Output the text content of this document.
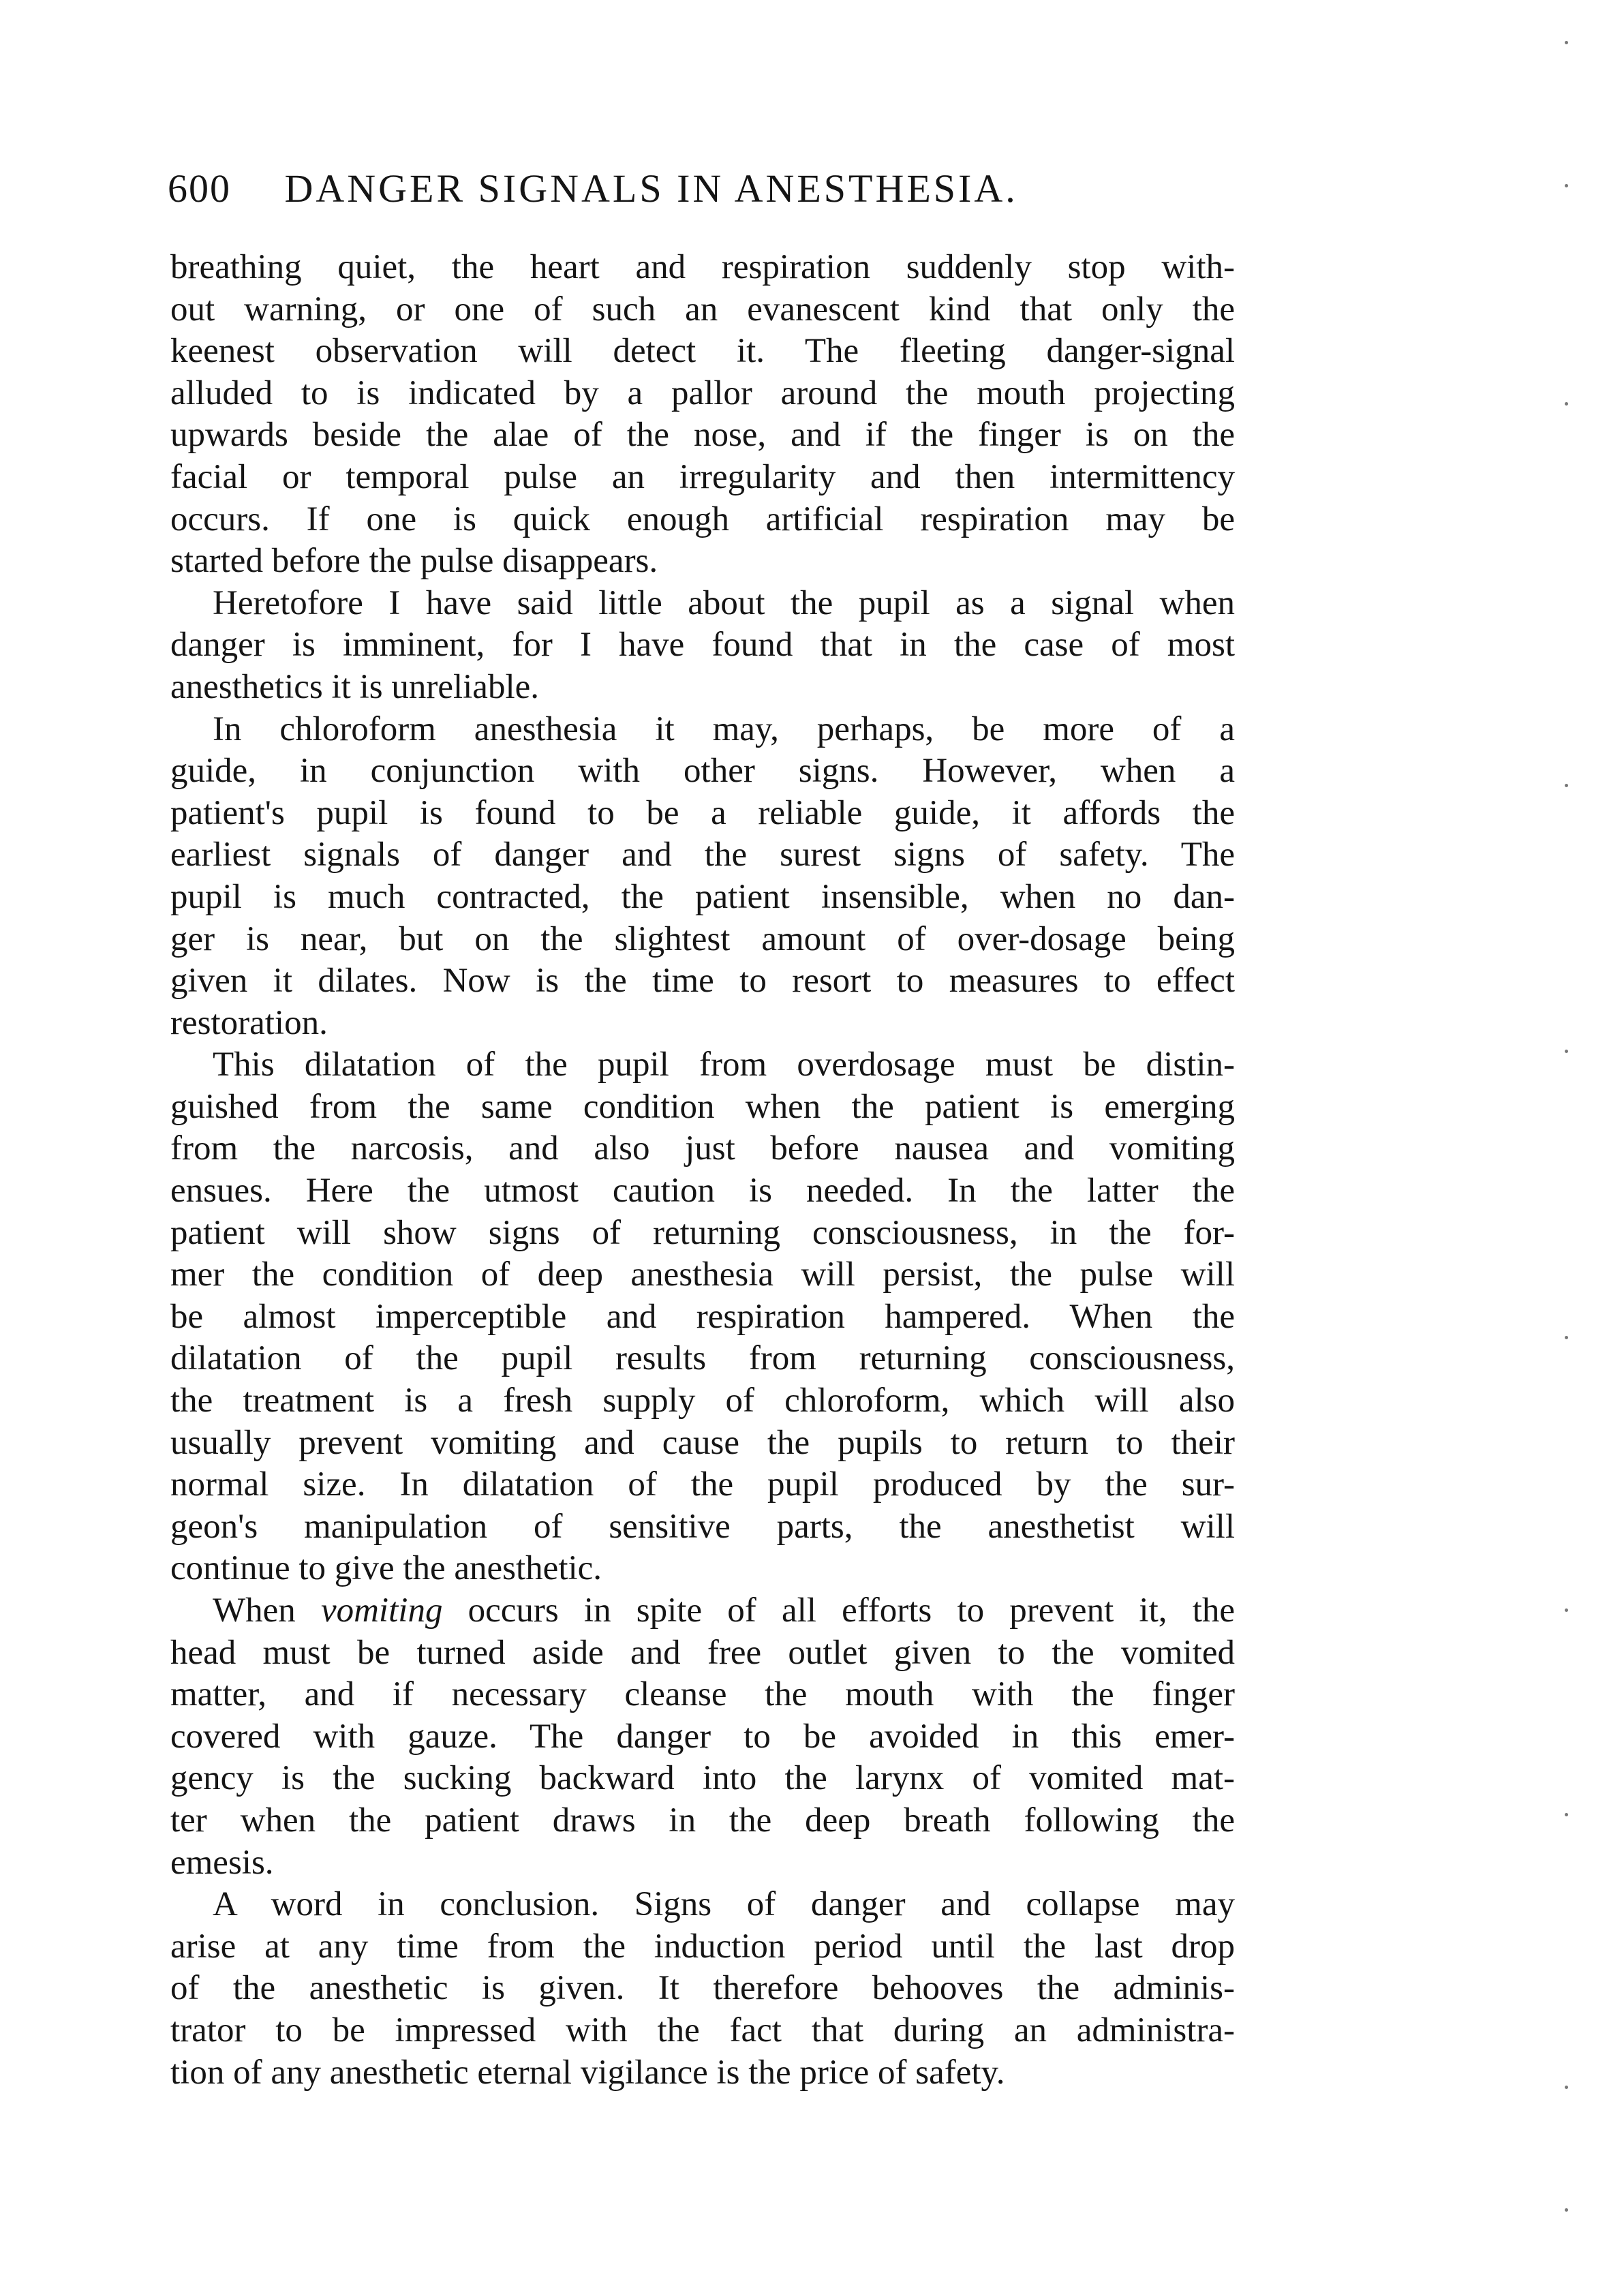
600 DANGER SIGNALS IN ANESTHESIA.

breathing quiet, the heart and respiration suddenly stop with-
out warning, or one of such an evanescent kind that only the
keenest observation will detect it. The fleeting danger-signal
alluded to is indicated by a pallor around the mouth projecting
upwards beside the alae of the nose, and if the finger is on the
facial or temporal pulse an irregularity and then intermittency
occurs. If one is quick enough artificial respiration may be
started before the pulse disappears.

Heretofore I have said little about the pupil as a signal when
danger is imminent, for I have found that in the case of most
anesthetics it is unreliable.

In chloroform anesthesia it may, perhaps, be more of a
guide, in conjunction with other signs. However, when a
patient's pupil is found to be a reliable guide, it affords the
earliest signals of danger and the surest signs of safety. The
pupil is much contracted, the patient insensible, when no dan-
ger is near, but on the slightest amount of over-dosage being
given it dilates. Now is the time to resort to measures to effect
restoration.

This dilatation of the pupil from overdosage must be distin-
guished from the same condition when the patient is emerging
from the narcosis, and also just before nausea and vomiting
ensues. Here the utmost caution is needed. In the latter the
patient will show signs of returning consciousness, in the for-
mer the condition of deep anesthesia will persist, the pulse will
be almost imperceptible and respiration hampered. When the
dilatation of the pupil results from returning consciousness,
the treatment is a fresh supply of chloroform, which will also
usually prevent vomiting and cause the pupils to return to their
normal size. In dilatation of the pupil produced by the sur-
geon's manipulation of sensitive parts, the anesthetist will
continue to give the anesthetic.

When vomiting occurs in spite of all efforts to prevent it, the
head must be turned aside and free outlet given to the vomited
matter, and if necessary cleanse the mouth with the finger
covered with gauze. The danger to be avoided in this emer-
gency is the sucking backward into the larynx of vomited mat-
ter when the patient draws in the deep breath following the
emesis.

A word in conclusion. Signs of danger and collapse may
arise at any time from the induction period until the last drop
of the anesthetic is given. It therefore behooves the adminis-
trator to be impressed with the fact that during an administra-
tion of any anesthetic eternal vigilance is the price of safety.
